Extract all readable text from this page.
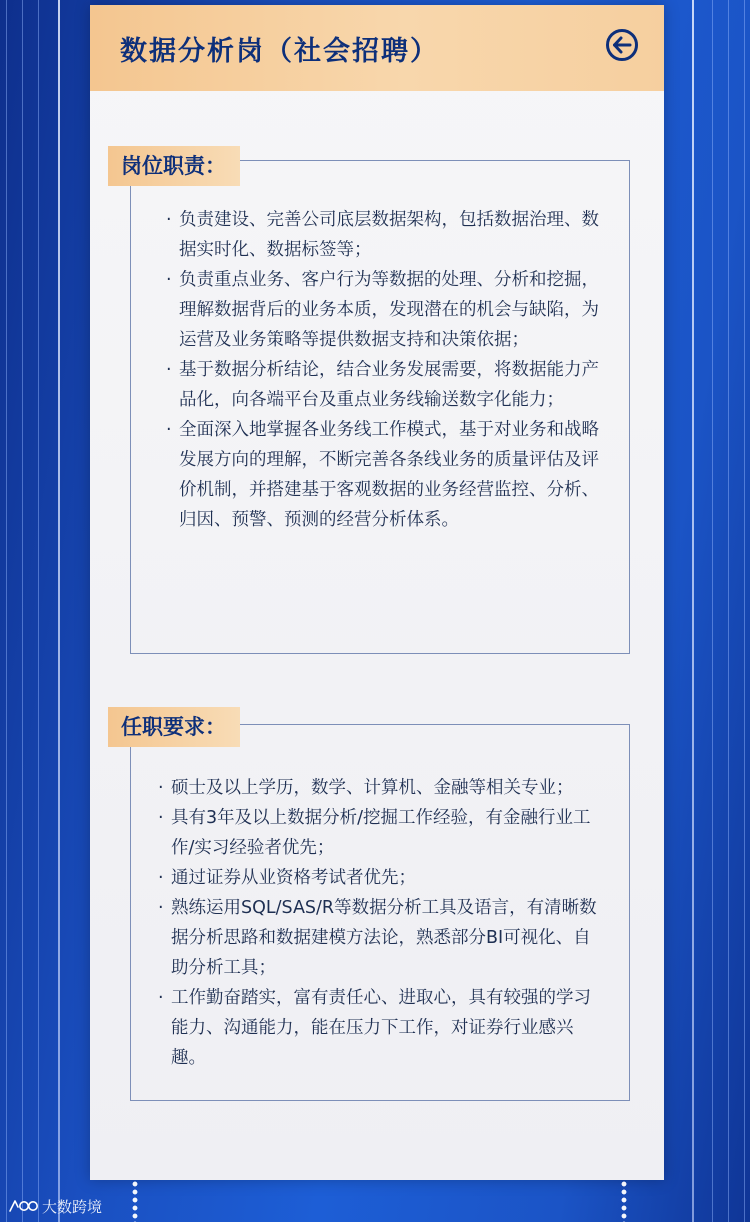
数据分析岗（社会招聘）
岗位职责：
· 负责建设、完善公司底层数据架构，包括数据治理、数据实时化、数据标签等；
· 负责重点业务、客户行为等数据的处理、分析和挖掘，理解数据背后的业务本质，发现潜在的机会与缺陷，为运营及业务策略等提供数据支持和决策依据；
· 基于数据分析结论，结合业务发展需要，将数据能力产品化，向各端平台及重点业务线输送数字化能力；
· 全面深入地掌握各业务线工作模式，基于对业务和战略发展方向的理解，不断完善各条线业务的质量评估及评价机制，并搭建基于客观数据的业务经营监控、分析、归因、预警、预测的经营分析体系。
任职要求：
· 硕士及以上学历，数学、计算机、金融等相关专业；
· 具有3年及以上数据分析/挖掘工作经验，有金融行业工作/实习经验者优先；
· 通过证券从业资格考试者优先；
· 熟练运用SQL/SAS/R等数据分析工具及语言，有清晰数据分析思路和数据建模方法论，熟悉部分BI可视化、自助分析工具；
· 工作勤奋踏实，富有责任心、进取心，具有较强的学习能力、沟通能力，能在压力下工作，对证券行业感兴趣。
大数跨境
